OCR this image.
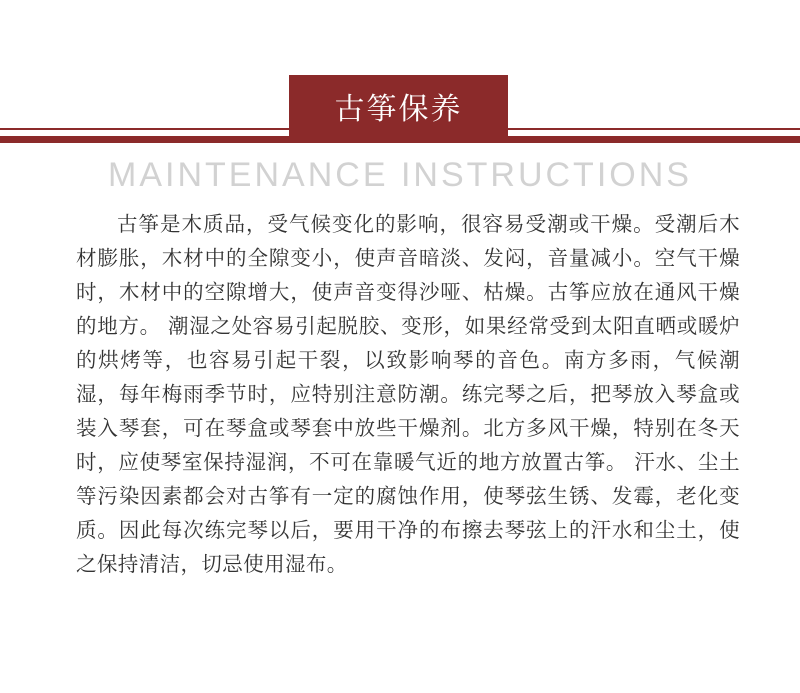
古筝保养
MAINTENANCE INSTRUCTIONS

古筝是木质品，受气候变化的影响，很容易受潮或干燥。受潮后木材膨胀，木材中的全隙变小，使声音暗淡、发闷，音量减小。空气干燥时，木材中的空隙增大，使声音变得沙哑、枯燥。古筝应放在通风干燥的地方。 潮湿之处容易引起脱胶、变形，如果经常受到太阳直晒或暖炉的烘烤等，也容易引起干裂，以致影响琴的音色。南方多雨，气候潮湿，每年梅雨季节时，应特别注意防潮。练完琴之后，把琴放入琴盒或装入琴套，可在琴盒或琴套中放些干燥剂。北方多风干燥，特别在冬天时，应使琴室保持湿润，不可在靠暖气近的地方放置古筝。 汗水、尘土等污染因素都会对古筝有一定的腐蚀作用，使琴弦生锈、发霉，老化变质。因此每次练完琴以后，要用干净的布擦去琴弦上的汗水和尘土，使之保持清洁，切忌使用湿布。
